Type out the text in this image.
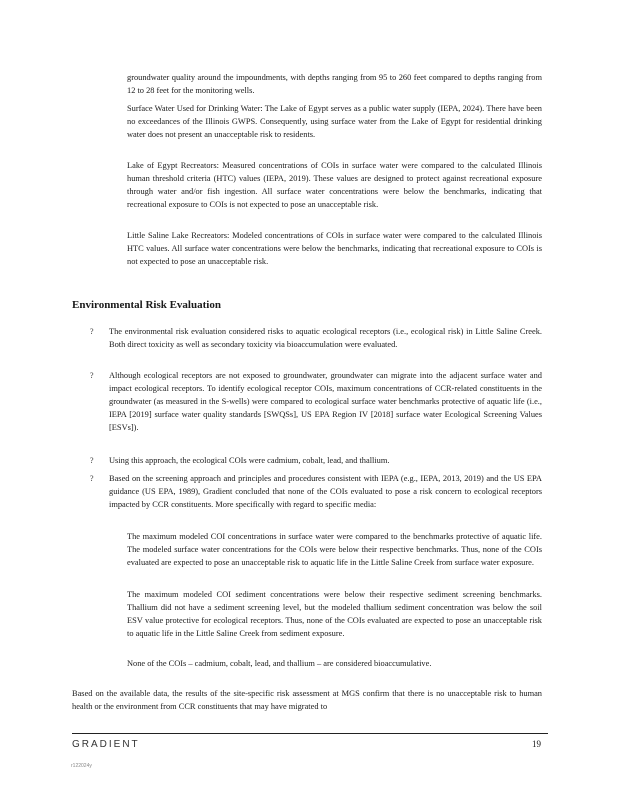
groundwater quality around the impoundments, with depths ranging from 95 to 260 feet compared to depths ranging from 12 to 28 feet for the monitoring wells.
Surface Water Used for Drinking Water: The Lake of Egypt serves as a public water supply (IEPA, 2024). There have been no exceedances of the Illinois GWPS. Consequently, using surface water from the Lake of Egypt for residential drinking water does not present an unacceptable risk to residents.
Lake of Egypt Recreators: Measured concentrations of COIs in surface water were compared to the calculated Illinois human threshold criteria (HTC) values (IEPA, 2019). These values are designed to protect against recreational exposure through water and/or fish ingestion. All surface water concentrations were below the benchmarks, indicating that recreational exposure to COIs is not expected to pose an unacceptable risk.
Little Saline Lake Recreators: Modeled concentrations of COIs in surface water were compared to the calculated Illinois HTC values. All surface water concentrations were below the benchmarks, indicating that recreational exposure to COIs is not expected to pose an unacceptable risk.
Environmental Risk Evaluation
? The environmental risk evaluation considered risks to aquatic ecological receptors (i.e., ecological risk) in Little Saline Creek. Both direct toxicity as well as secondary toxicity via bioaccumulation were evaluated.
? Although ecological receptors are not exposed to groundwater, groundwater can migrate into the adjacent surface water and impact ecological receptors. To identify ecological receptor COIs, maximum concentrations of CCR-related constituents in the groundwater (as measured in the S-wells) were compared to ecological surface water benchmarks protective of aquatic life (i.e., IEPA [2019] surface water quality standards [SWQSs], US EPA Region IV [2018] surface water Ecological Screening Values [ESVs]).
? Using this approach, the ecological COIs were cadmium, cobalt, lead, and thallium.
? Based on the screening approach and principles and procedures consistent with IEPA (e.g., IEPA, 2013, 2019) and the US EPA guidance (US EPA, 1989), Gradient concluded that none of the COIs evaluated to pose a risk concern to ecological receptors impacted by CCR constituents. More specifically with regard to specific media:
The maximum modeled COI concentrations in surface water were compared to the benchmarks protective of aquatic life. The modeled surface water concentrations for the COIs were below their respective benchmarks. Thus, none of the COIs evaluated are expected to pose an unacceptable risk to aquatic life in the Little Saline Creek from surface water exposure.
The maximum modeled COI sediment concentrations were below their respective sediment screening benchmarks. Thallium did not have a sediment screening level, but the modeled thallium sediment concentration was below the soil ESV value protective for ecological receptors. Thus, none of the COIs evaluated are expected to pose an unacceptable risk to aquatic life in the Little Saline Creek from sediment exposure.
None of the COIs – cadmium, cobalt, lead, and thallium – are considered bioaccumulative.
Based on the available data, the results of the site-specific risk assessment at MGS confirm that there is no unacceptable risk to human health or the environment from CCR constituents that may have migrated to
GRADIENT	19
r122024y
